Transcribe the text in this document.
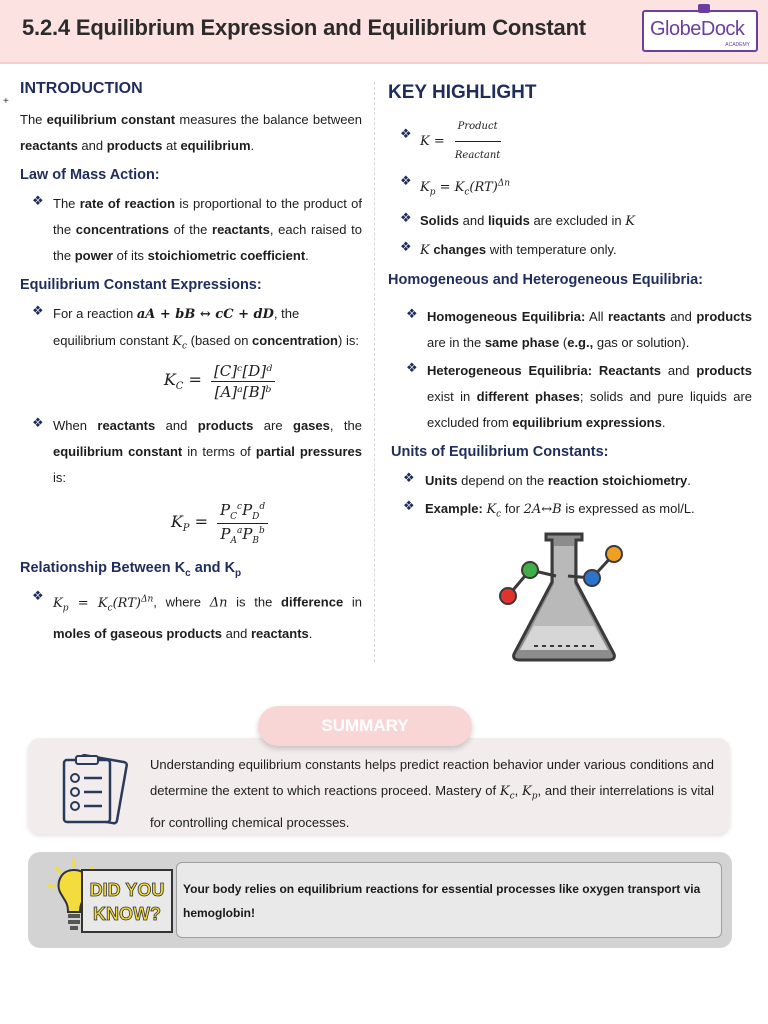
5.2.4 Equilibrium Expression and Equilibrium Constant	GlobeDock
ACADEMY
+
INTRODUCTION

The equilibrium constant measures the balance between reactants and products at equilibrium.

Law of Mass Action:
❖ The rate of reaction is proportional to the product of the concentrations of the reactants, each raised to the power of its stoichiometric coefficient.
Equilibrium Constant Expressions:
❖ For a reaction aA + bB ↔ cC + dD, the equilibrium constant $K_c$ (based on concentration) is:
$K_C = \frac{\text{[C]ᶜ[D]ᵈ}}{\text{[A]ᵃ[B]ᵇ}}$
❖ When reactants and products are gases, the equilibrium constant in terms of partial pressures is:
$K_P = \frac{P_C^cP_D^d}{P_A^aP_B^b}$
Relationship Between $K_c$ and $K_p$
❖ $K_p = K_c(RT)^{\Delta n}$, where Δn is the difference in moles of gaseous products and reactants.
KEY HIGHLIGHT
❖
$K = \frac{\text{Product}}{\text{Reactant}}$
❖ $K_p = K_c(RT)^{\Delta n}$
❖ Solids and liquids are excluded in K
❖ K changes with temperature only.
Homogeneous and Heterogeneous Equilibria:
❖ Homogeneous Equilibria: All reactants and products are in the same phase (e.g., gas or solution).
❖ Heterogeneous Equilibria: Reactants and products exist in different phases; solids and pure liquids are excluded from equilibrium expressions.
Units of Equilibrium Constants:
❖ Units depend on the reaction stoichiometry.
❖ Example: $K_c$ for 2A↔B is expressed as mol/L.
Understanding equilibrium constants helps predict reaction behavior under various conditions and determine the extent to which reactions proceed. Mastery of $K_c$, $K_p$, and their interrelations is vital for controlling chemical processes.
SUMMARY
DID YOU
KNOW?
Your body relies on equilibrium reactions for essential processes like oxygen transport via hemoglobin!
